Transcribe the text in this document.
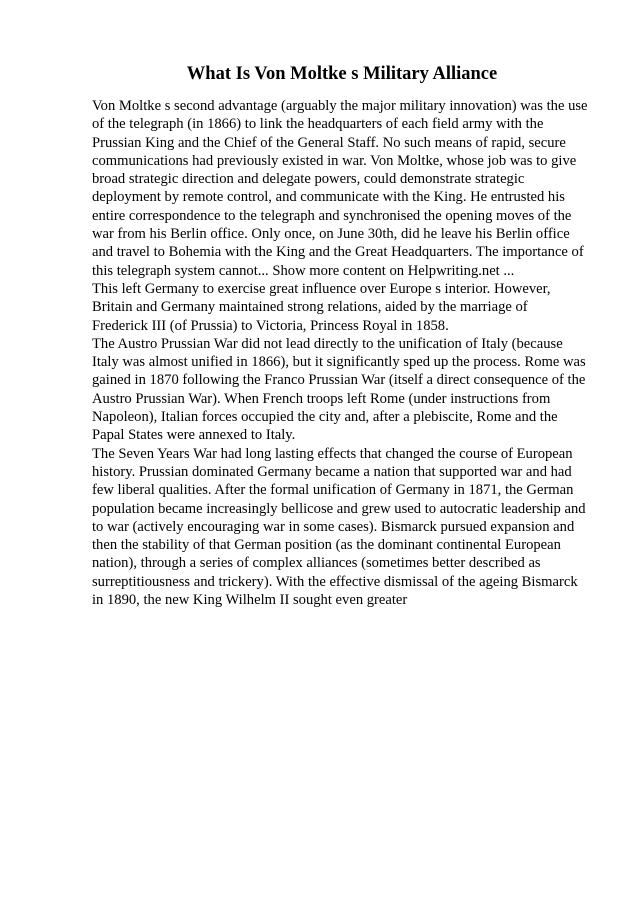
What Is Von Moltke s Military Alliance

Von Moltke s second advantage (arguably the major military innovation) was the use
of the telegraph (in 1866) to link the headquarters of each field army with the
Prussian King and the Chief of the General Staff. No such means of rapid, secure
communications had previously existed in war. Von Moltke, whose job was to give
broad strategic direction and delegate powers, could demonstrate strategic
deployment by remote control, and communicate with the King. He entrusted his
entire correspondence to the telegraph and synchronised the opening moves of the
war from his Berlin office. Only once, on June 30th, did he leave his Berlin office
and travel to Bohemia with the King and the Great Headquarters. The importance of
this telegraph system cannot... Show more content on Helpwriting.net ...

This left Germany to exercise great influence over Europe s interior. However,
Britain and Germany maintained strong relations, aided by the marriage of
Frederick III (of Prussia) to Victoria, Princess Royal in 1858.

The Austro Prussian War did not lead directly to the unification of Italy (because
Italy was almost unified in 1866), but it significantly sped up the process. Rome was
gained in 1870 following the Franco Prussian War (itself a direct consequence of the
Austro Prussian War). When French troops left Rome (under instructions from
Napoleon), Italian forces occupied the city and, after a plebiscite, Rome and the
Papal States were annexed to Italy.

The Seven Years War had long lasting effects that changed the course of European
history. Prussian dominated Germany became a nation that supported war and had
few liberal qualities. After the formal unification of Germany in 1871, the German
population became increasingly bellicose and grew used to autocratic leadership and
to war (actively encouraging war in some cases). Bismarck pursued expansion and
then the stability of that German position (as the dominant continental European
nation), through a series of complex alliances (sometimes better described as
surreptitiousness and trickery). With the effective dismissal of the ageing Bismarck
in 1890, the new King Wilhelm II sought even greater
